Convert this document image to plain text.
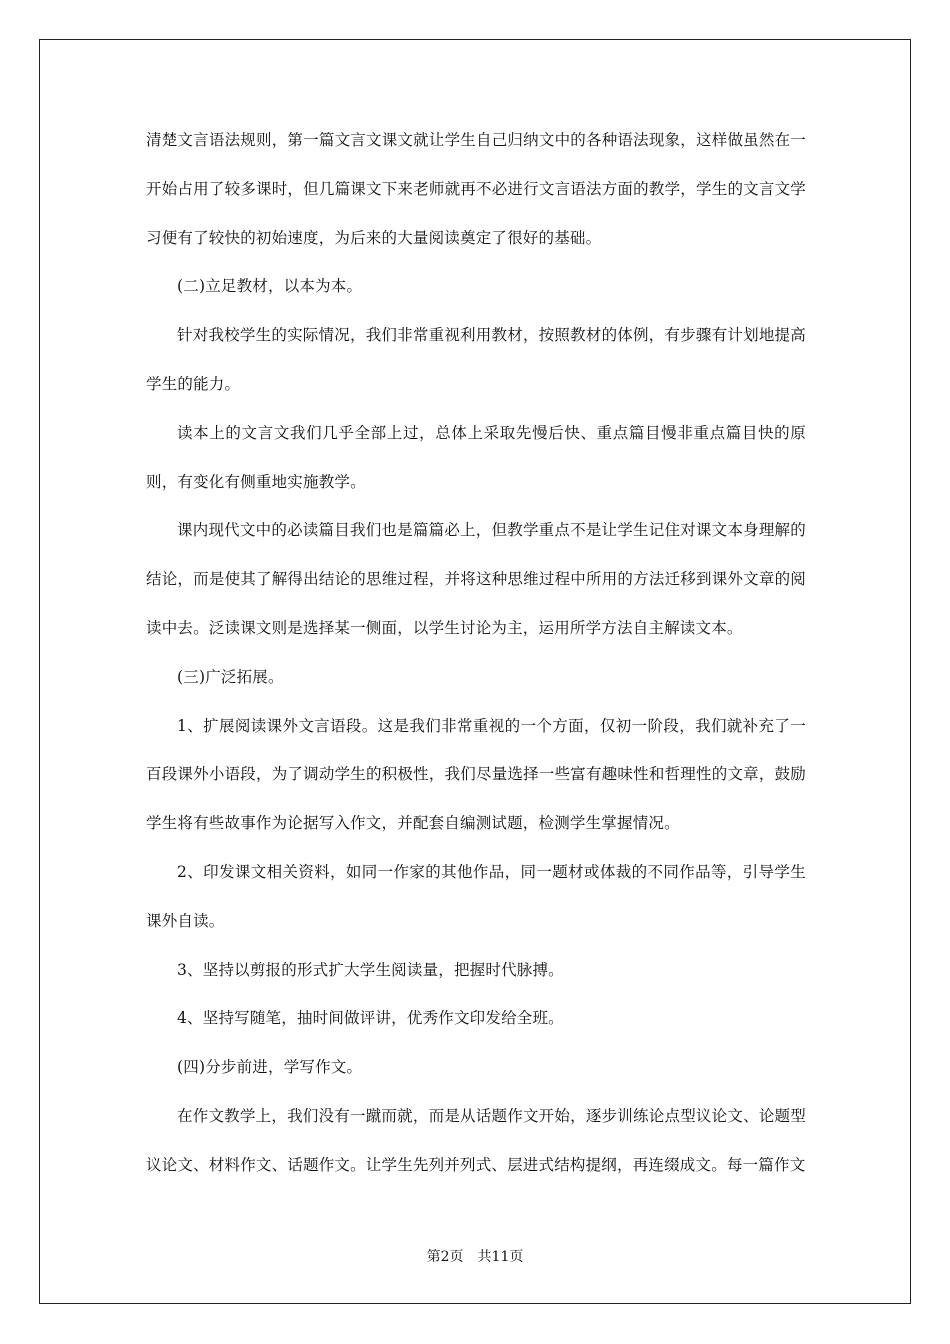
清楚文言语法规则，第一篇文言文课文就让学生自己归纳文中的各种语法现象，这样做虽然在一开始占用了较多课时，但几篇课文下来老师就再不必进行文言语法方面的教学，学生的文言文学习便有了较快的初始速度，为后来的大量阅读奠定了很好的基础。

(二)立足教材，以本为本。

针对我校学生的实际情况，我们非常重视利用教材，按照教材的体例，有步骤有计划地提高学生的能力。

读本上的文言文我们几乎全部上过，总体上采取先慢后快、重点篇目慢非重点篇目快的原则，有变化有侧重地实施教学。

课内现代文中的必读篇目我们也是篇篇必上，但教学重点不是让学生记住对课文本身理解的结论，而是使其了解得出结论的思维过程，并将这种思维过程中所用的方法迁移到课外文章的阅读中去。泛读课文则是选择某一侧面，以学生讨论为主，运用所学方法自主解读文本。

(三)广泛拓展。

1、扩展阅读课外文言语段。这是我们非常重视的一个方面，仅初一阶段，我们就补充了一百段课外小语段，为了调动学生的积极性，我们尽量选择一些富有趣味性和哲理性的文章，鼓励学生将有些故事作为论据写入作文，并配套自编测试题，检测学生掌握情况。

2、印发课文相关资料，如同一作家的其他作品，同一题材或体裁的不同作品等，引导学生课外自读。

3、坚持以剪报的形式扩大学生阅读量，把握时代脉搏。

4、坚持写随笔，抽时间做评讲，优秀作文印发给全班。

(四)分步前进，学写作文。

在作文教学上，我们没有一蹴而就，而是从话题作文开始，逐步训练论点型议论文、论题型议论文、材料作文、话题作文。让学生先列并列式、层进式结构提纲，再连缀成文。每一篇作文

第2页　共11页
